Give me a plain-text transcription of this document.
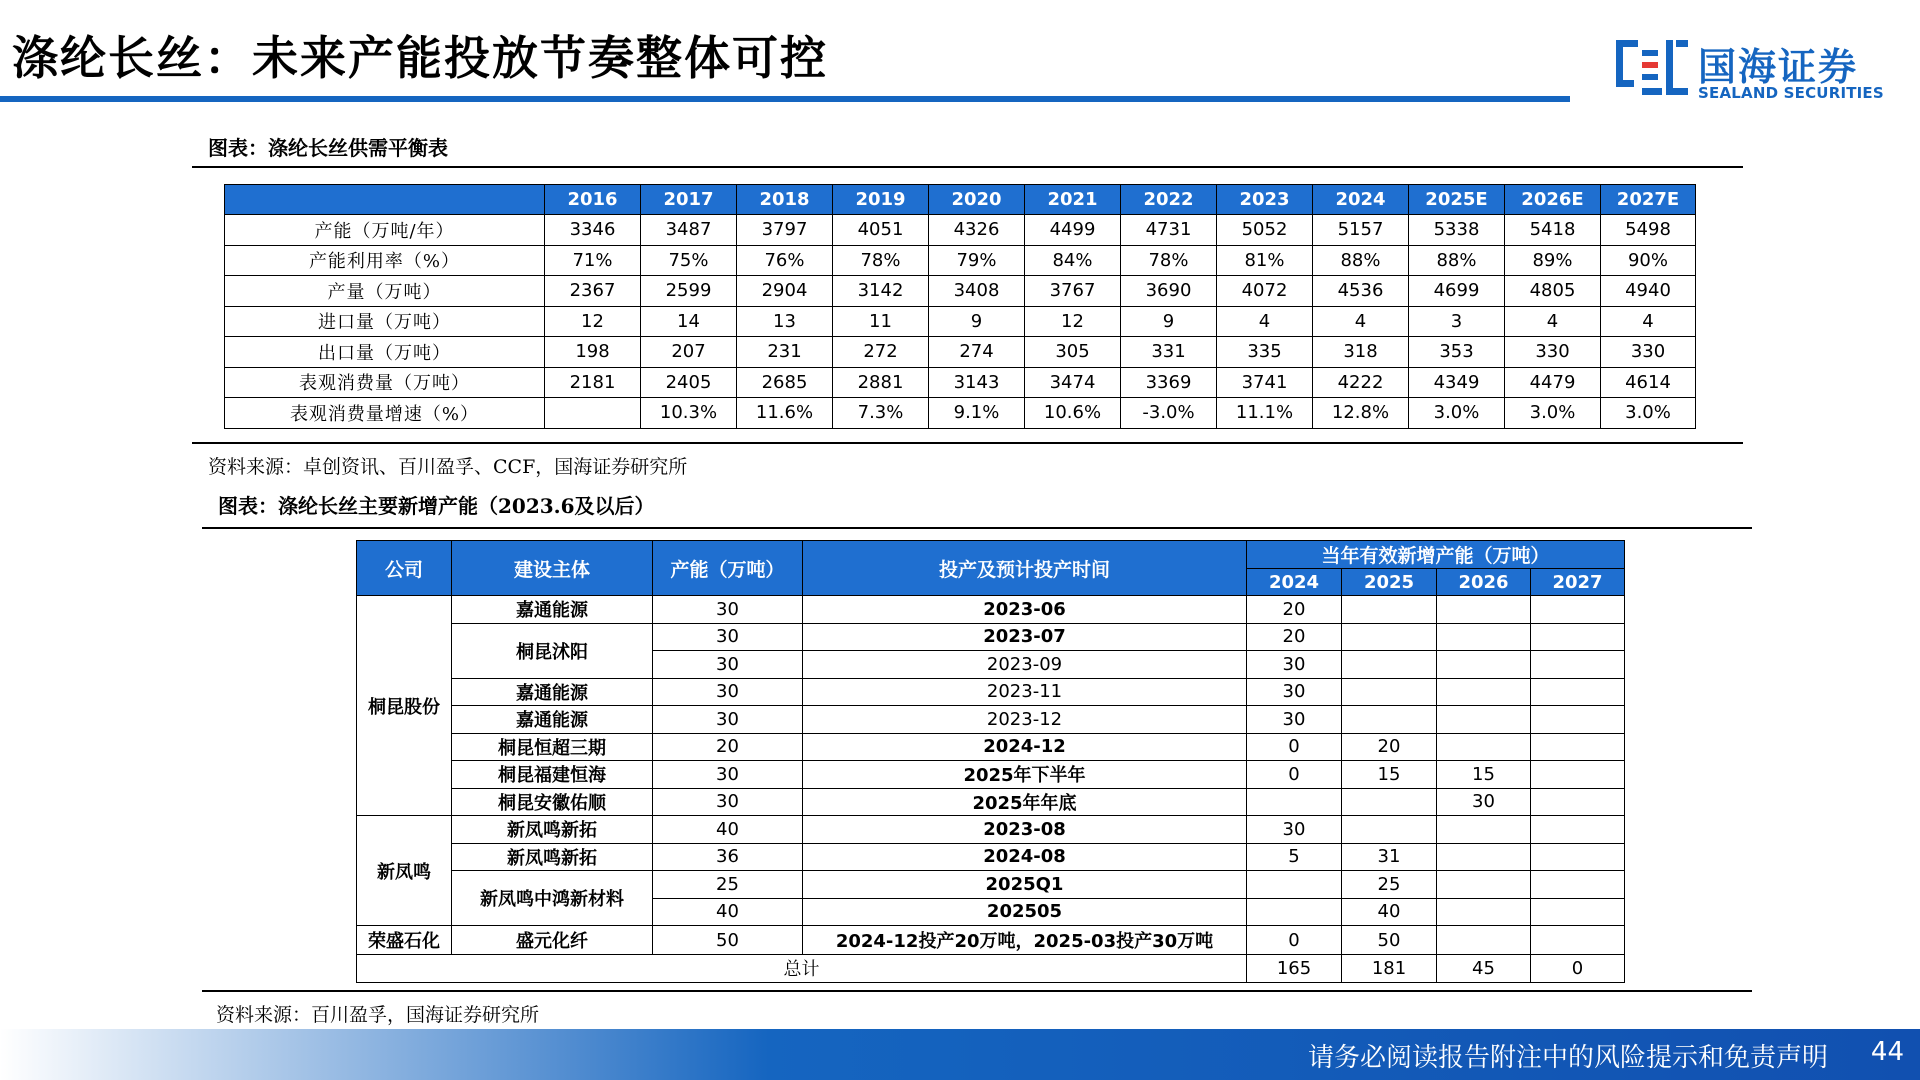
涤纶长丝：未来产能投放节奏整体可控	国海证券
SEALAND SECURITIES
图表：涤纶长丝供需平衡表
	2016	2017	2018	2019	2020	2021	2022	2023	2024	2025E	2026E	2027E
产能（万吨/年）	3346	3487	3797	4051	4326	4499	4731	5052	5157	5338	5418	5498
产能利用率（%）	71%	75%	76%	78%	79%	84%	78%	81%	88%	88%	89%	90%
产量（万吨）	2367	2599	2904	3142	3408	3767	3690	4072	4536	4699	4805	4940
进口量（万吨）	12	14	13	11	9	12	9	4	4	3	4	4
出口量（万吨）	198	207	231	272	274	305	331	335	318	353	330	330
表观消费量（万吨）	2181	2405	2685	2881	3143	3474	3369	3741	4222	4349	4479	4614
表观消费量增速（%）		10.3%	11.6%	7.3%	9.1%	10.6%	-3.0%	11.1%	12.8%	3.0%	3.0%	3.0%
资料来源：卓创资讯、百川盈孚、CCF，国海证券研究所
图表：涤纶长丝主要新增产能（2023.6及以后）
公司	建设主体	产能（万吨）	投产及预计投产时间	当年有效新增产能（万吨）			
				2024	2025	2026	2027
桐昆股份	嘉通能源	30	2023-06	20			
	桐昆沭阳	30	2023-07	20			
		30	2023-09	30			
	嘉通能源	30	2023-11	30			
	嘉通能源	30	2023-12	30			
	桐昆恒超三期	20	2024-12	0	20		
	桐昆福建恒海	30	2025年下半年	0	15	15	
	桐昆安徽佑顺	30	2025年年底			30	
新凤鸣	新凤鸣新拓	40	2023-08	30			
	新凤鸣新拓	36	2024-08	5	31		
	新凤鸣中鸿新材料	25	2025Q1		25		
		40	202505		40		
荣盛石化	盛元化纤	50	2024-12投产20万吨，2025-03投产30万吨	0	50		
总计				165	181	45	0
资料来源：百川盈孚，国海证券研究所
请务必阅读报告附注中的风险提示和免责声明 44
